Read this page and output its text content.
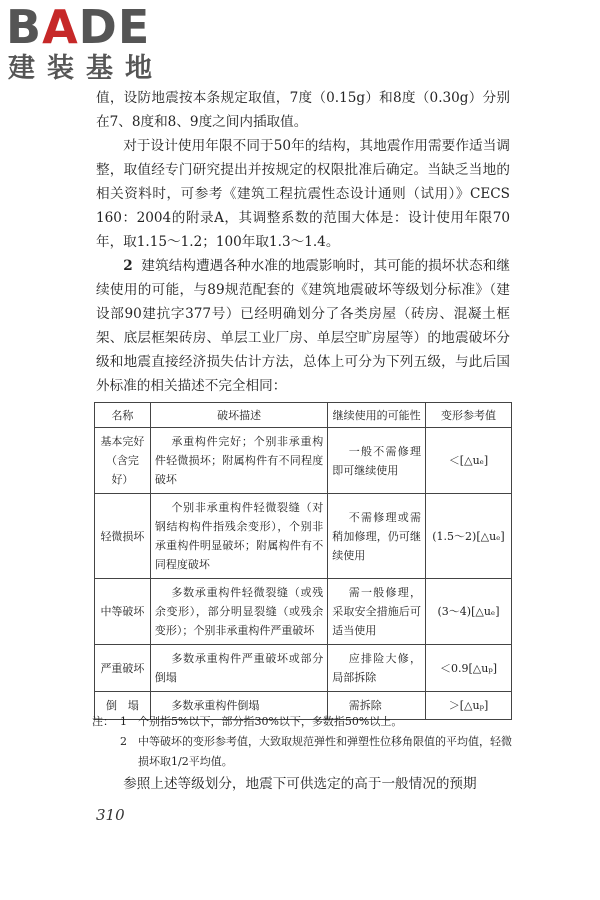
BADE
建装基地

值，设防地震按本条规定取值，7度（0.15g）和8度（0.30g）分别在7、8度和8、9度之间内插取值。

对于设计使用年限不同于50年的结构，其地震作用需要作适当调整，取值经专门研究提出并按规定的权限批准后确定。当缺乏当地的相关资料时，可参考《建筑工程抗震性态设计通则（试用）》CECS 160：2004的附录A，其调整系数的范围大体是：设计使用年限70年，取1.15～1.2；100年取1.3～1.4。

2 建筑结构遭遇各种水准的地震影响时，其可能的损坏状态和继续使用的可能，与89规范配套的《建筑地震破坏等级划分标准》（建设部90建抗字377号）已经明确划分了各类房屋（砖房、混凝土框架、底层框架砖房、单层工业厂房、单层空旷房屋等）的地震破坏分级和地震直接经济损失估计方法，总体上可分为下列五级，与此后国外标准的相关描述不完全相同：

名称	破坏描述	继续使用的可能性	变形参考值
基本完好（含完好）	承重构件完好；个别非承重构件轻微损坏；附属构件有不同程度破坏	一般不需修理即可继续使用	＜[△uₑ]
轻微损坏	个别非承重构件轻微裂缝（对钢结构构件指残余变形），个别非承重构件明显破坏；附属构件有不同程度破坏	不需修理或需稍加修理，仍可继续使用	(1.5～2)[△uₑ]
中等破坏	多数承重构件轻微裂缝（或残余变形），部分明显裂缝（或残余变形）；个别非承重构件严重破坏	需一般修理，采取安全措施后可适当使用	(3～4)[△uₑ]
严重破坏	多数承重构件严重破坏或部分倒塌	应排险大修，局部拆除	＜0.9[△uₚ]
倒　塌	多数承重构件倒塌	需拆除	＞[△uₚ]
注： 1	个别指5%以下，部分指30%以下，多数指50%以上。
2	中等破坏的变形参考值，大致取规范弹性和弹塑性位移角限值的平均值，轻微损坏取1/2平均值。

参照上述等级划分，地震下可供选定的高于一般情况的预期

310
